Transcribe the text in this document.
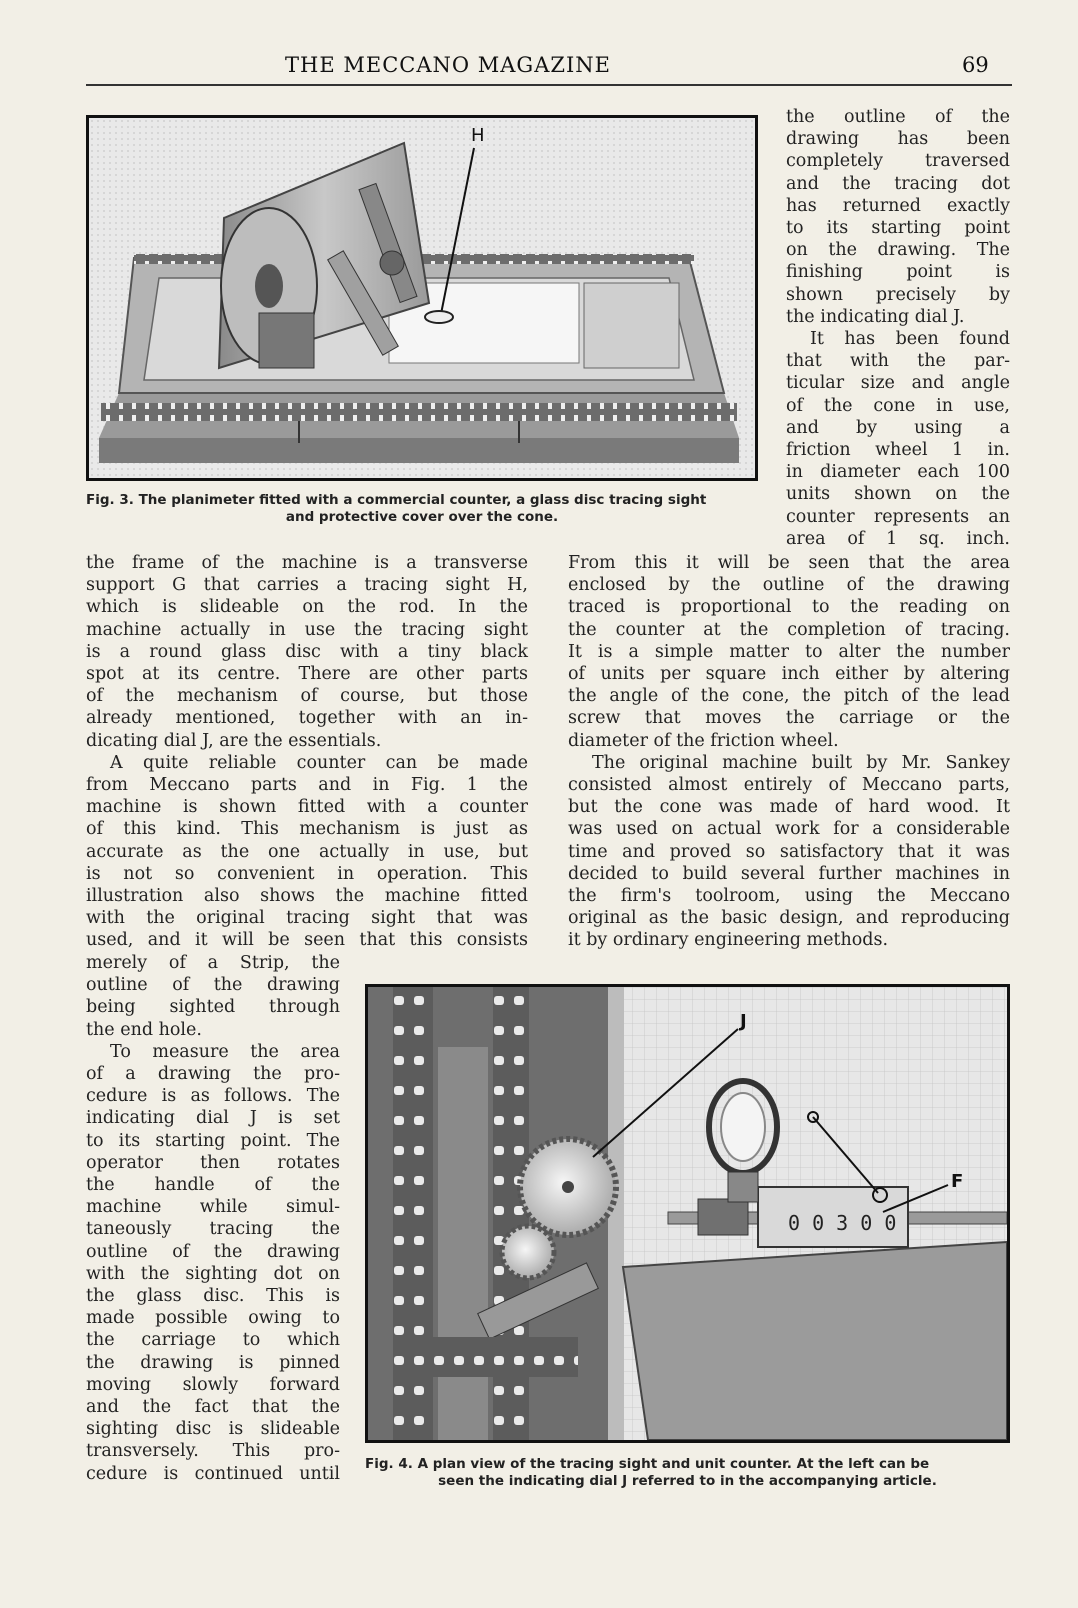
THE MECCANO MAGAZINE	69
H
Fig. 3. The planimeter fitted with a commercial counter, a glass disc tracing sight
and protective cover over the cone.
the outline of the
drawing has been
completely traversed
and the tracing dot
has returned exactly
to its starting point
on the drawing. The
finishing point is
shown precisely by
the indicating dial J.
It has been found
that with the par-
ticular size and angle
of the cone in use,
and by using a
friction wheel 1 in.
in diameter each 100
units shown on the
counter represents an
area of 1 sq. inch.
the frame of the machine is a transverse
support G that carries a tracing sight H,
which is slideable on the rod. In the
machine actually in use the tracing sight
is a round glass disc with a tiny black
spot at its centre. There are other parts
of the mechanism of course, but those
already mentioned, together with an in-
dicating dial J, are the essentials.
A quite reliable counter can be made
from Meccano parts and in Fig. 1 the
machine is shown fitted with a counter
of this kind. This mechanism is just as
accurate as the one actually in use, but
is not so convenient in operation. This
illustration also shows the machine fitted
with the original tracing sight that was
used, and it will be seen that this consists
From this it will be seen that the area
enclosed by the outline of the drawing
traced is proportional to the reading on
the counter at the completion of tracing.
It is a simple matter to alter the number
of units per square inch either by altering
the angle of the cone, the pitch of the lead
screw that moves the carriage or the
diameter of the friction wheel.
The original machine built by Mr. Sankey
consisted almost entirely of Meccano parts,
but the cone was made of hard wood. It
was used on actual work for a considerable
time and proved so satisfactory that it was
decided to build several further machines in
the firm's toolroom, using the Meccano
original as the basic design, and reproducing
it by ordinary engineering methods.
merely of a Strip, the
outline of the drawing
being sighted through
the end hole.
To measure the area
of a drawing the pro-
cedure is as follows. The
indicating dial J is set
to its starting point. The
operator then rotates
the handle of the
machine while simul-
taneously tracing the
outline of the drawing
with the sighting dot on
the glass disc. This is
made possible owing to
the carriage to which
the drawing is pinned
moving slowly forward
and the fact that the
sighting disc is slideable
transversely. This pro-
cedure is continued until
0 0 3 0 0
J
F
Fig. 4. A plan view of the tracing sight and unit counter. At the left can be
seen the indicating dial J referred to in the accompanying article.
